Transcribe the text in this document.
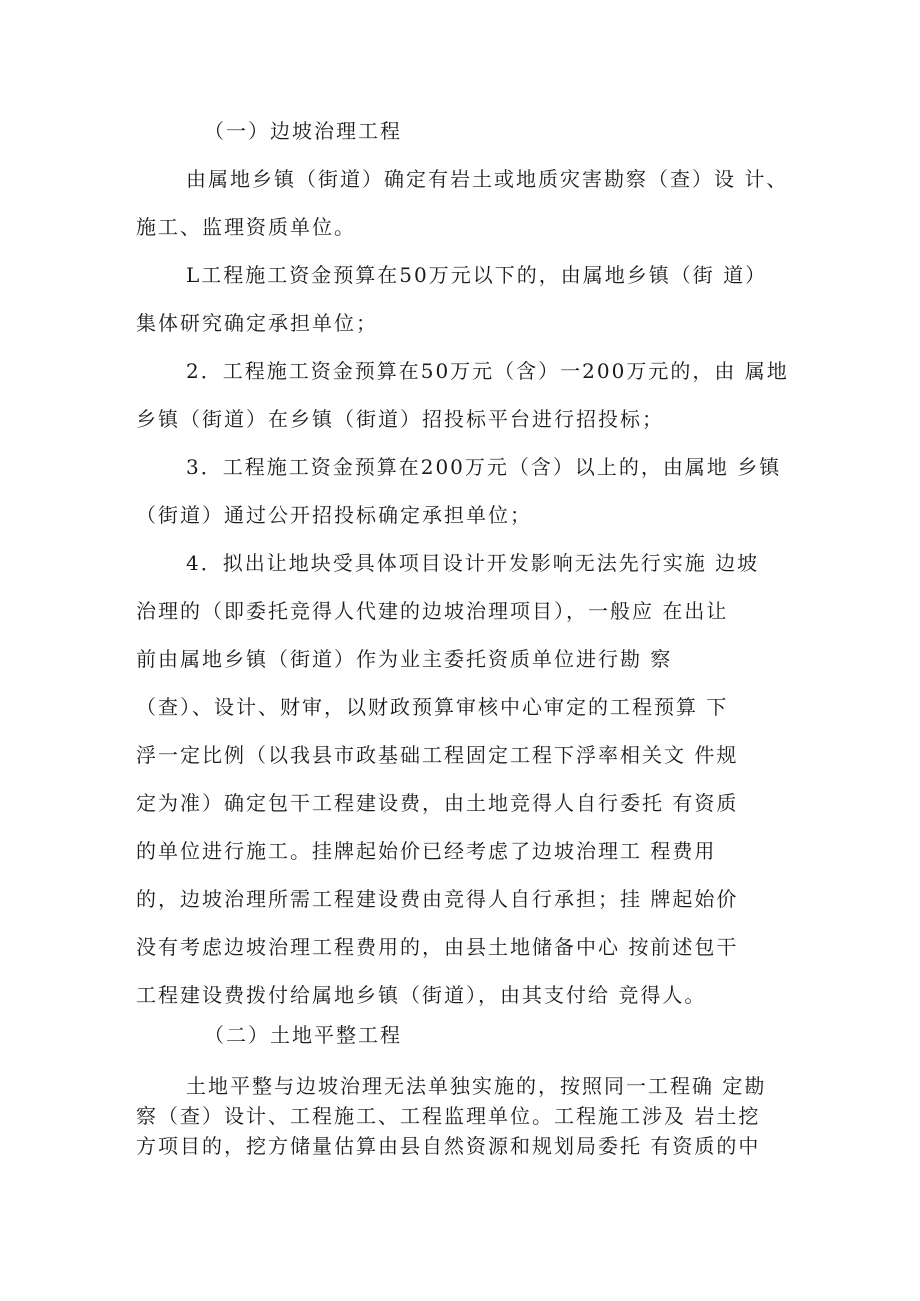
（一）边坡治理工程
由属地乡镇（街道）确定有岩土或地质灾害勘察（查）设 计、
施工、监理资质单位。
L工程施工资金预算在50万元以下的，由属地乡镇（街 道）
集体研究确定承担单位；
2．工程施工资金预算在50万元（含）一200万元的，由 属地
乡镇（街道）在乡镇（街道）招投标平台进行招投标；
3．工程施工资金预算在200万元（含）以上的，由属地 乡镇
（街道）通过公开招投标确定承担单位；
4．拟出让地块受具体项目设计开发影响无法先行实施 边坡
治理的（即委托竞得人代建的边坡治理项目），一般应 在出让
前由属地乡镇（街道）作为业主委托资质单位进行勘 察
（查）、设计、财审，以财政预算审核中心审定的工程预算 下
浮一定比例（以我县市政基础工程固定工程下浮率相关文 件规
定为准）确定包干工程建设费，由土地竞得人自行委托 有资质
的单位进行施工。挂牌起始价已经考虑了边坡治理工 程费用
的，边坡治理所需工程建设费由竞得人自行承担；挂 牌起始价
没有考虑边坡治理工程费用的，由县土地储备中心 按前述包干
工程建设费拨付给属地乡镇（街道），由其支付给 竞得人。
（二）土地平整工程
土地平整与边坡治理无法单独实施的，按照同一工程确 定勘
察（查）设计、工程施工、工程监理单位。工程施工涉及 岩土挖
方项目的，挖方储量估算由县自然资源和规划局委托 有资质的中
